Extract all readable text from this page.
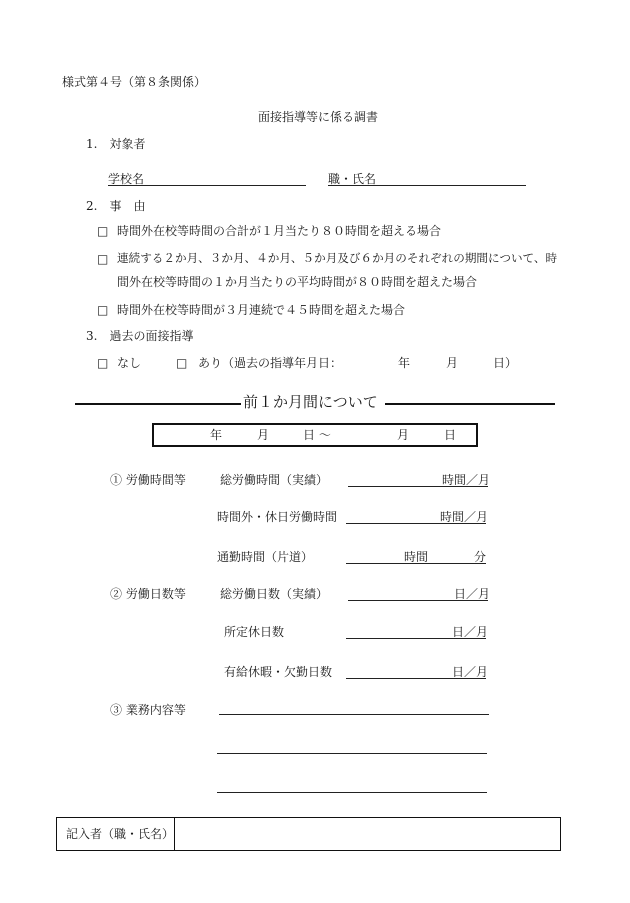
様式第４号（第８条関係）
面接指導等に係る調書
1.　対象者
学校名	職・氏名
2.　事　由
□ 時間外在校等時間の合計が１月当たり８０時間を超える場合
□ 連続する２か月、３か月、４か月、５か月及び６か月のそれぞれの期間について、時
間外在校等時間の１か月当たりの平均時間が８０時間を超えた場合
□ 時間外在校等時間が３月連続で４５時間を超えた場合
3.　過去の面接指導
□ なし	□ あり（過去の指導年月日：	年	月	日）
前１か月間について
年	月	日 〜	月	日
① 労働時間等	総労働時間（実績）	時間／月
時間外・休日労働時間	時間／月
通勤時間（片道）	時間	分
② 労働日数等	総労働日数（実績）	日／月
所定休日数	日／月
有給休暇・欠勤日数	日／月
③ 業務内容等
記入者（職・氏名）
